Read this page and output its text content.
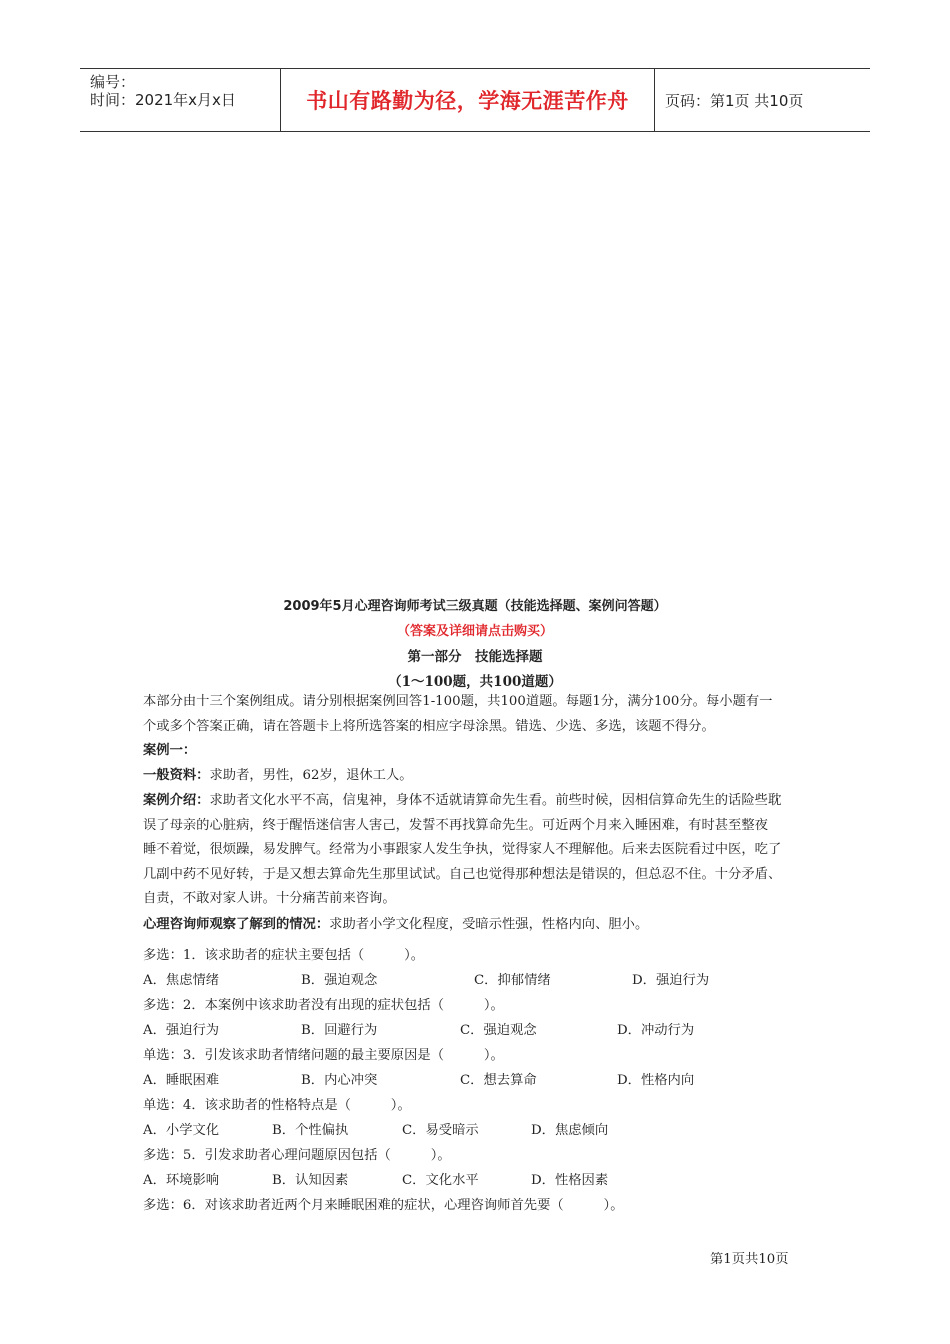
编号：
时间：2021年x月x日	书山有路勤为径，学海无涯苦作舟 页码：第1页 共10页
2009年5月心理咨询师考试三级真题（技能选择题、案例问答题）
（答案及详细请点击购买）
第一部分　技能选择题
（1～100题，共100道题）
本部分由十三个案例组成。请分别根据案例回答1-100题，共100道题。每题1分，满分100分。每小题有一
个或多个答案正确，请在答题卡上将所选答案的相应字母涂黑。错选、少选、多选，该题不得分。
案例一：
一般资料：求助者，男性，62岁，退休工人。
案例介绍：求助者文化水平不高，信鬼神，身体不适就请算命先生看。前些时候，因相信算命先生的话险些耽
误了母亲的心脏病，终于醒悟迷信害人害己，发誓不再找算命先生。可近两个月来入睡困难，有时甚至整夜
睡不着觉，很烦躁，易发脾气。经常为小事跟家人发生争执，觉得家人不理解他。后来去医院看过中医，吃了
几副中药不见好转，于是又想去算命先生那里试试。自己也觉得那种想法是错误的，但总忍不住。十分矛盾、
自责，不敢对家人讲。十分痛苦前来咨询。
心理咨询师观察了解到的情况：求助者小学文化程度，受暗示性强，性格内向、胆小。
多选：1．该求助者的症状主要包括（　　　）。
A．焦虑情绪	B．强迫观念	C．抑郁情绪	D．强迫行为
多选：2．本案例中该求助者没有出现的症状包括（　　　）。
A．强迫行为	B．回避行为	C．强迫观念	D．冲动行为
单选：3．引发该求助者情绪问题的最主要原因是（　　　）。
A．睡眠困难	B．内心冲突	C．想去算命	D．性格内向
单选：4．该求助者的性格特点是（　　　）。
A．小学文化	B．个性偏执	C．易受暗示	D．焦虑倾向
多选：5．引发求助者心理问题原因包括（　　　）。
A．环境影响	B．认知因素	C．文化水平	D．性格因素
多选：6．对该求助者近两个月来睡眠困难的症状，心理咨询师首先要（　　　）。
第1页共10页
